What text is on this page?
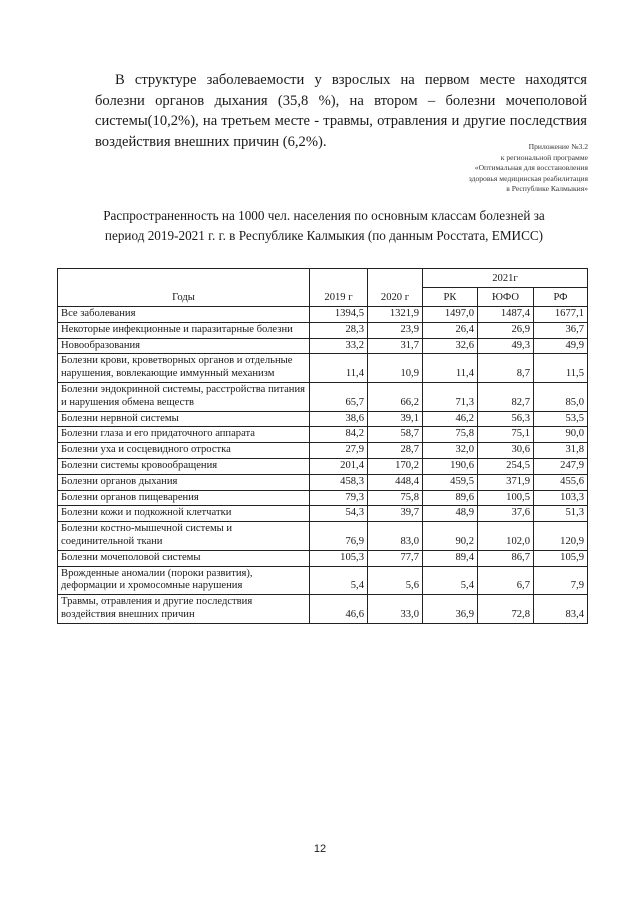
В структуре заболеваемости у взрослых на первом месте находятся болезни органов дыхания (35,8 %), на втором – болезни мочеполовой системы(10,2%), на третьем месте - травмы, отравления и другие последствия воздействия внешних причин (6,2%).	Приложение №3.2
к региональной программе
«Оптимальная для восстановления
здоровья медицинская реабилитация
в Республике Калмыкия»
Распространенность на 1000 чел. населения по основным классам болезней за
период 2019-2021 г. г. в Республике Калмыкия (по данным Росстата, ЕМИСС)
Годы	2019 г	2020 г	2021г		
			РК	ЮФО	РФ
Все заболевания	1394,5	1321,9	1497,0	1487,4	1677,1
Некоторые инфекционные и паразитарные болезни	28,3	23,9	26,4	26,9	36,7
Новообразования	33,2	31,7	32,6	49,3	49,9
Болезни крови, кроветворных органов и отдельные нарушения, вовлекающие иммунный механизм	11,4	10,9	11,4	8,7	11,5
Болезни эндокринной системы, расстройства питания и нарушения обмена веществ	65,7	66,2	71,3	82,7	85,0
Болезни нервной системы	38,6	39,1	46,2	56,3	53,5
Болезни глаза и его придаточного аппарата	84,2	58,7	75,8	75,1	90,0
Болезни уха и сосцевидного отростка	27,9	28,7	32,0	30,6	31,8
Болезни системы кровообращения	201,4	170,2	190,6	254,5	247,9
Болезни органов дыхания	458,3	448,4	459,5	371,9	455,6
Болезни органов пищеварения	79,3	75,8	89,6	100,5	103,3
Болезни кожи и подкожной клетчатки	54,3	39,7	48,9	37,6	51,3
Болезни костно-мышечной системы и соединительной ткани	76,9	83,0	90,2	102,0	120,9
Болезни мочеполовой системы	105,3	77,7	89,4	86,7	105,9
Врожденные аномалии (пороки развития), деформации и хромосомные нарушения	5,4	5,6	5,4	6,7	7,9
Травмы, отравления и другие последствия воздействия внешних причин	46,6	33,0	36,9	72,8	83,4
12
